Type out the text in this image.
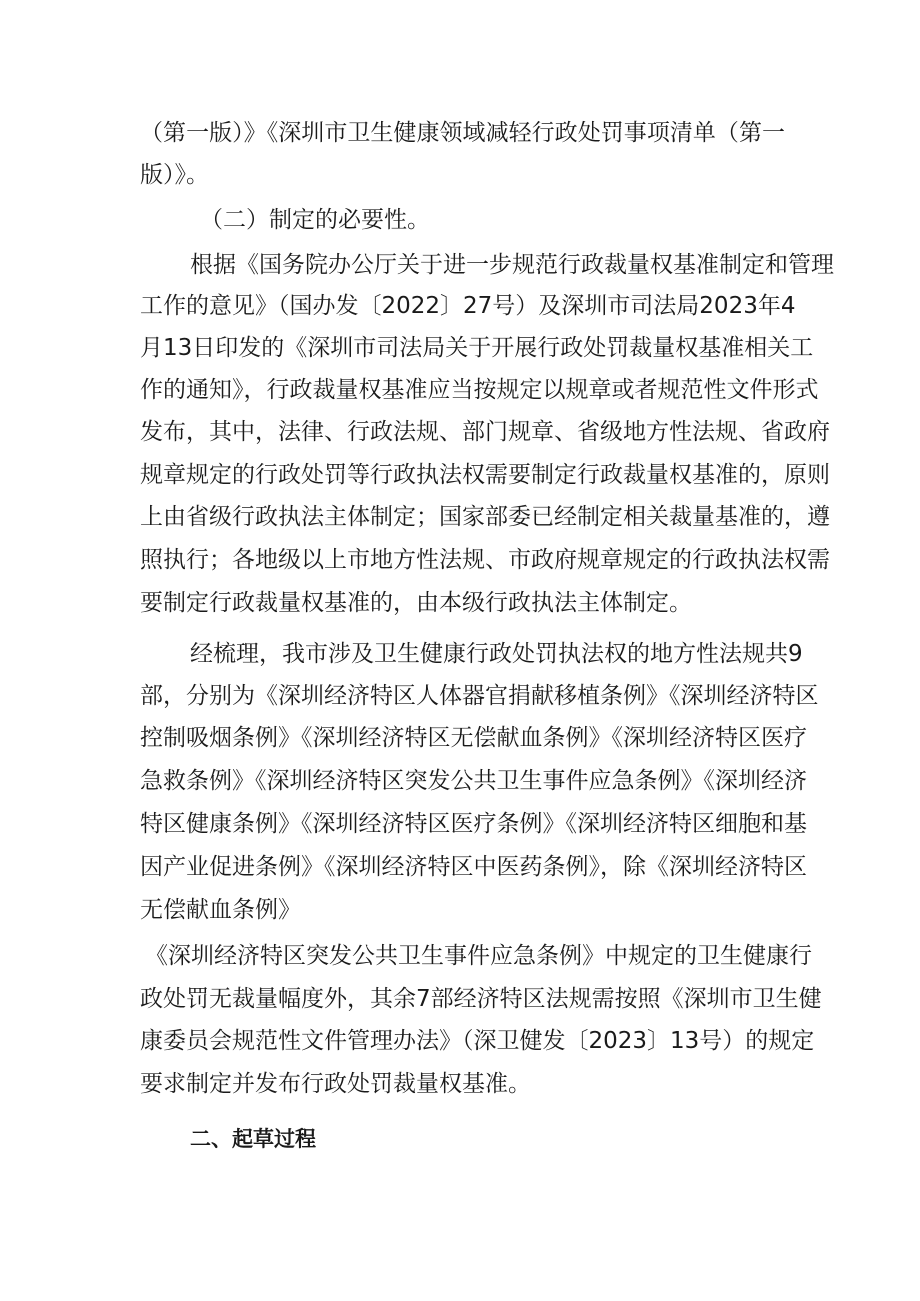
（第一版）》《深圳市卫生健康领域减轻行政处罚事项清单（第一
版）》。
（二）制定的必要性。
根据《国务院办公厅关于进一步规范行政裁量权基准制定和管理
工作的意见》（国办发〔2022〕27号）及深圳市司法局2023年4
月13日印发的《深圳市司法局关于开展行政处罚裁量权基准相关工
作的通知》，行政裁量权基准应当按规定以规章或者规范性文件形式
发布，其中，法律、行政法规、部门规章、省级地方性法规、省政府
规章规定的行政处罚等行政执法权需要制定行政裁量权基准的，原则
上由省级行政执法主体制定；国家部委已经制定相关裁量基准的，遵
照执行；各地级以上市地方性法规、市政府规章规定的行政执法权需
要制定行政裁量权基准的，由本级行政执法主体制定。
经梳理，我市涉及卫生健康行政处罚执法权的地方性法规共9
部，分别为《深圳经济特区人体器官捐献移植条例》《深圳经济特区
控制吸烟条例》《深圳经济特区无偿献血条例》《深圳经济特区医疗
急救条例》《深圳经济特区突发公共卫生事件应急条例》《深圳经济
特区健康条例》《深圳经济特区医疗条例》《深圳经济特区细胞和基
因产业促进条例》《深圳经济特区中医药条例》，除《深圳经济特区
无偿献血条例》
《深圳经济特区突发公共卫生事件应急条例》中规定的卫生健康行
政处罚无裁量幅度外，其余7部经济特区法规需按照《深圳市卫生健
康委员会规范性文件管理办法》（深卫健发〔2023〕13号）的规定
要求制定并发布行政处罚裁量权基准。
二、起草过程
